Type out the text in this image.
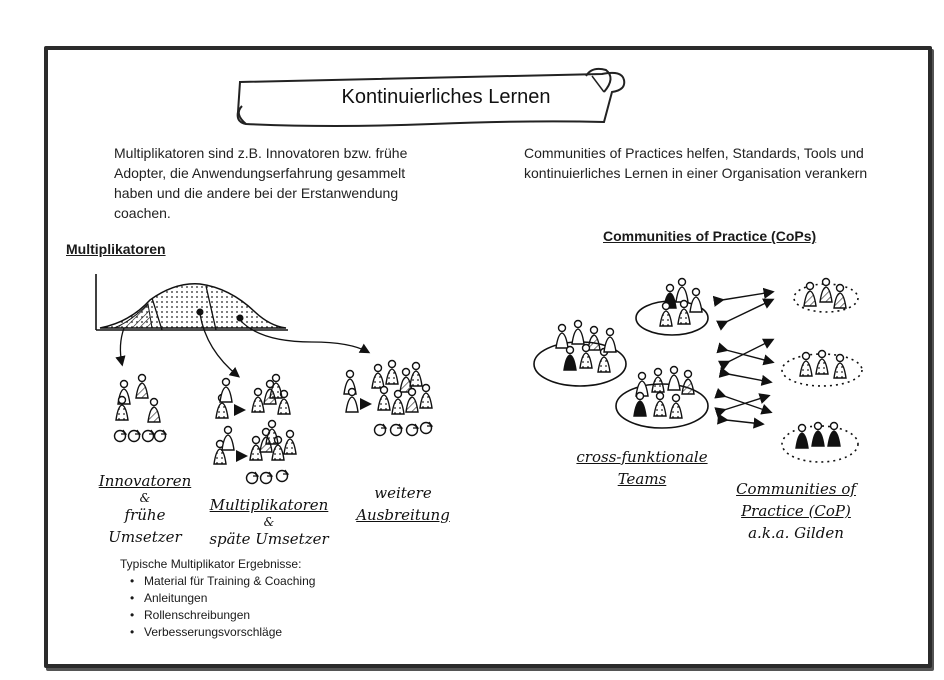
Kontinuierliches Lernen
Multiplikatoren sind z.B. Innovatoren bzw. frühe Adopter, die Anwendungserfahrung gesammelt haben und die andere bei der Erstanwendung coachen.
Communities of Practices helfen, Standards, Tools und kontinuierliches Lernen in einer Organisation verankern
Multiplikatoren
Communities of Practice (CoPs)
Innovatoren
&
frühe Umsetzer
Multiplikatoren
&
späte Umsetzer
weitere
Ausbreitung
cross-funktionale
Teams
Communities of
Practice (CoP)
a.k.a. Gilden
Typische Multiplikator Ergebnisse:
• Material für Training & Coaching
• Anleitungen
• Rollenschreibungen
• Verbesserungsvorschläge
